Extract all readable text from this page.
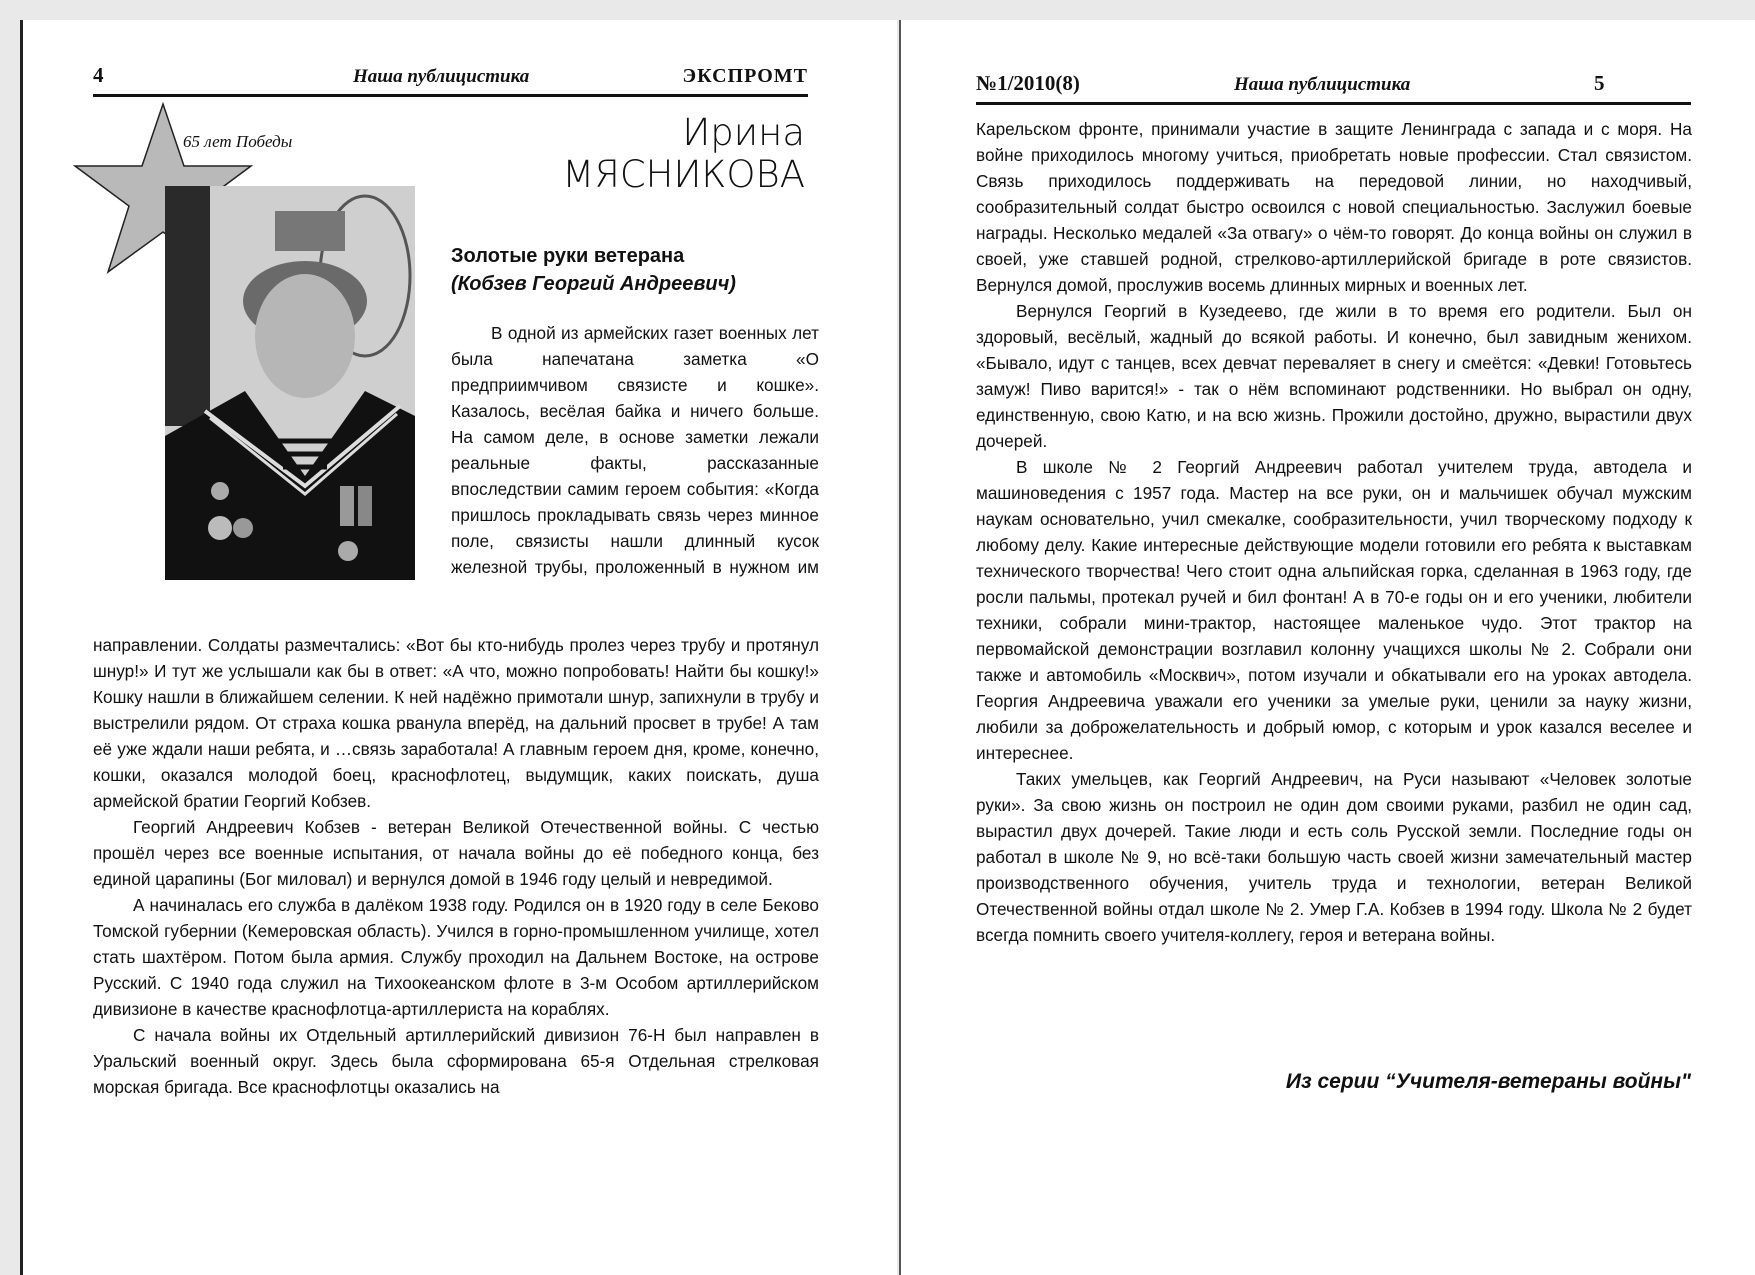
4	Наша публицистика	ЭКСПРОМТ
65 лет Победы	Ирина
МЯСНИКОВА
Золотые руки ветерана
(Кобзев Георгий Андреевич)

В одной из армейских газет военных лет была напечатана заметка «О предприимчивом связисте и кошке». Казалось, весёлая байка и ничего больше. На самом деле, в основе заметки лежали реальные факты, рассказанные впоследствии самим героем события: «Когда пришлось прокладывать связь через минное поле, связисты нашли длинный кусок железной трубы, проложенный в нужном им

направлении. Солдаты размечтались: «Вот бы кто-нибудь пролез через трубу и протянул шнур!» И тут же услышали как бы в ответ: «А что, можно попробовать! Найти бы кошку!» Кошку нашли в ближайшем селении. К ней надёжно примотали шнур, запихнули в трубу и выстрелили рядом. От страха кошка рванула вперёд, на дальний просвет в трубе! А там её уже ждали наши ребята, и …связь заработала! А главным героем дня, кроме, конечно, кошки, оказался молодой боец, краснофлотец, выдумщик, каких поискать, душа армейской братии Георгий Кобзев.

Георгий Андреевич Кобзев - ветеран Великой Отечественной войны. С честью прошёл через все военные испытания, от начала войны до её победного конца, без единой царапины (Бог миловал) и вернулся домой в 1946 году целый и невредимой.

А начиналась его служба в далёком 1938 году. Родился он в 1920 году в селе Беково Томской губернии (Кемеровская область). Учился в горно-промышленном училище, хотел стать шахтёром. Потом была армия. Службу проходил на Дальнем Востоке, на острове Русский. С 1940 года служил на Тихоокеанском флоте в 3-м Особом артиллерийском дивизионе в качестве краснофлотца-артиллериста на кораблях.

С начала войны их Отдельный артиллерийский дивизион 76-Н был направлен в Уральский военный округ. Здесь была сформирована 65-я Отдельная стрелковая морская бригада. Все краснофлотцы оказались на

№1/2010(8)	Наша публицистика	5

Карельском фронте, принимали участие в защите Ленинграда с запада и с моря. На войне приходилось многому учиться, приобретать новые профессии. Стал связистом. Связь приходилось поддерживать на передовой линии, но находчивый, сообразительный солдат быстро освоился с новой специальностью. Заслужил боевые награды. Несколько медалей «За отвагу» о чём-то говорят. До конца войны он служил в своей, уже ставшей родной, стрелково-артиллерийской бригаде в роте связистов. Вернулся домой, прослужив восемь длинных мирных и военных лет.

Вернулся Георгий в Кузедеево, где жили в то время его родители. Был он здоровый, весёлый, жадный до всякой работы. И конечно, был завидным женихом. «Бывало, идут с танцев, всех девчат переваляет в снегу и смеётся: «Девки! Готовьтесь замуж! Пиво варится!» - так о нём вспоминают родственники. Но выбрал он одну, единственную, свою Катю, и на всю жизнь. Прожили достойно, дружно, вырастили двух дочерей.

В школе № 2 Георгий Андреевич работал учителем труда, автодела и машиноведения с 1957 года. Мастер на все руки, он и мальчишек обучал мужским наукам основательно, учил смекалке, сообразительности, учил творческому подходу к любому делу. Какие интересные действующие модели готовили его ребята к выставкам технического творчества! Чего стоит одна альпийская горка, сделанная в 1963 году, где росли пальмы, протекал ручей и бил фонтан! А в 70-е годы он и его ученики, любители техники, собрали мини-трактор, настоящее маленькое чудо. Этот трактор на первомайской демонстрации возглавил колонну учащихся школы № 2. Собрали они также и автомобиль «Москвич», потом изучали и обкатывали его на уроках автодела. Георгия Андреевича уважали его ученики за умелые руки, ценили за науку жизни, любили за доброжелательность и добрый юмор, с которым и урок казался веселее и интереснее.

Таких умельцев, как Георгий Андреевич, на Руси называют «Человек золотые руки». За свою жизнь он построил не один дом своими руками, разбил не один сад, вырастил двух дочерей. Такие люди и есть соль Русской земли. Последние годы он работал в школе № 9, но всё-таки большую часть своей жизни замечательный мастер производственного обучения, учитель труда и технологии, ветеран Великой Отечественной войны отдал школе № 2. Умер Г.А. Кобзев в 1994 году. Школа № 2 будет всегда помнить своего учителя-коллегу, героя и ветерана войны.

Из серии “Учителя-ветераны войны"
